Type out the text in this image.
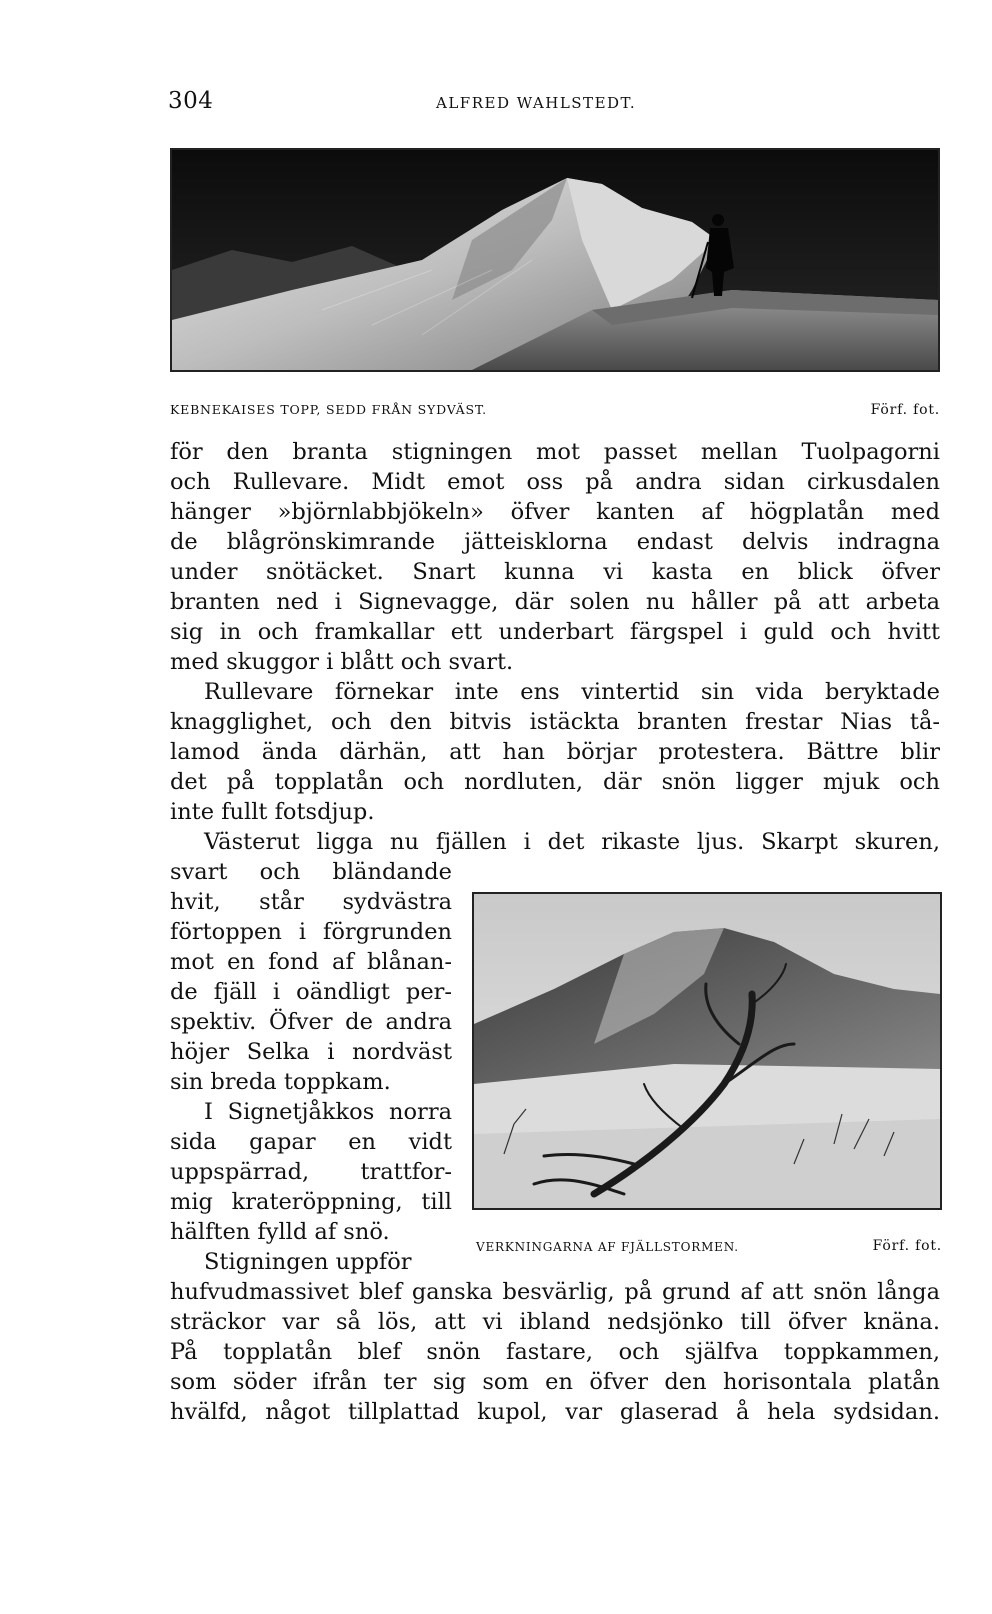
304	ALFRED WAHLSTEDT.
KEBNEKAISES TOPP, SEDD FRÅN SYDVÄST.	Förf. fot.
för den branta stigningen mot passet mellan Tuolpagorni
och Rullevare. Midt emot oss på andra sidan cirkusdalen
hänger »björnlabbjökeln» öfver kanten af högplatån med
de blågrönskimrande jätteisklorna endast delvis indragna
under snötäcket. Snart kunna vi kasta en blick öfver
branten ned i Signevagge, där solen nu håller på att arbeta
sig in och framkallar ett underbart färgspel i guld och hvitt
med skuggor i blått och svart.
Rullevare förnekar inte ens vintertid sin vida beryktade
knagglighet, och den bitvis istäckta branten frestar Nias tå-
lamod ända därhän, att han börjar protestera. Bättre blir
det på topplatån och nordluten, där snön ligger mjuk och
inte fullt fotsdjup.
Västerut ligga nu fjällen i det rikaste ljus. Skarpt skuren,
svart och bländande
hvit, står sydvästra
förtoppen i förgrunden
mot en fond af blånan-
de fjäll i oändligt per-
spektiv. Öfver de andra
höjer Selka i nordväst
sin breda toppkam.
I Signetjåkkos norra
sida gapar en vidt
uppspärrad, trattfor-
mig krateröppning, till
hälften fylld af snö.
Stigningen uppför
VERKNINGARNA AF FJÄLLSTORMEN.	Förf. fot.
hufvudmassivet blef ganska besvärlig, på grund af att snön långa
sträckor var så lös, att vi ibland nedsjönko till öfver knäna.
På topplatån blef snön fastare, och själfva toppkammen,
som söder ifrån ter sig som en öfver den horisontala platån
hvälfd, något tillplattad kupol, var glaserad å hela sydsidan.
